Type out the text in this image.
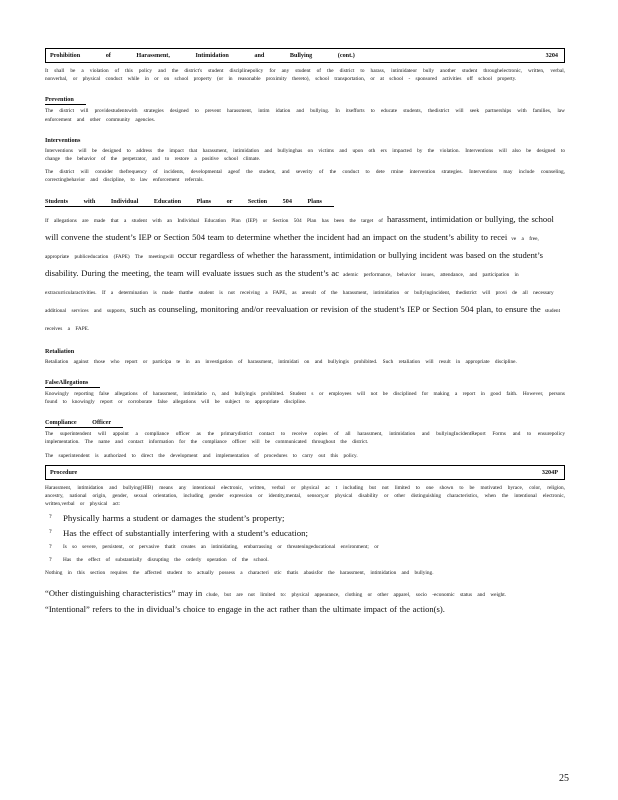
Prohibition of Harassment, Intimidation and Bullying (cont.)	3204

It shall be a violation of this policy and the district's student disciplinepolicy for any student of the district to harass, intimidateor bully another student throughelectronic, written, verbal, nonverbal, or physical conduct while in or on school property (or in reasonable proximity thereto), school transportation, or at school - sponsored activities off school property.

Prevention

The district will providestudentswith strategies designed to prevent harassment, intim idation and bullying. In itsefforts to educate students, thedistrict will seek partnerships with families, law enforcement and other community agencies.

Interventions

Interventions will be designed to address the impact that harassment, intimidation and bullyinghas on victims and upon oth ers impacted by the violation. Interventions will also be designed to change the behavior of the perpetrator, and to restore a positive school climate.

The district will consider thefrequency of incidents, developmental ageof the student, and severity of the conduct to dete rmine intervention strategies. Interventions may include counseling, correctingbehavior and discipline, to law enforcement referrals.

Students with Individual Education Plans or Section 504 Plans
If allegations are made that a student with an Individual Education Plan (IEP) or Section 504 Plan has been the target of harassment, intimidation or bullying, the school will convene the student’s IEP or Section 504 team to determine whether the incident had an impact on the student’s ability to recei ve a free, appropriate publiceducation (FAPE) The meetingwill occur regardless of whether the harassment, intimidation or bullying incident was based on the student’s disability. During the meeting, the team will evaluate issues such as the student’s ac ademic performance, behavior issues, attendance, and participation in extracurricularactivities. If a determination is made thatthe student is not receiving a FAPE, as aresult of the harassment, intimidation or bullyingincident, thedistrict will provi de all necessary additional services and supports, such as counseling, monitoring and/or reevaluation or revision of the student’s IEP or Section 504 plan, to ensure the student receives a FAPE.
Retaliation

Retaliation against those who report or participa te in an investigation of harassment, intimidati on and bullyingis prohibited. Such retaliation will result in appropriate discipline.

FalseAllegations

Knowingly reporting false allegations of harassment, intimidatio n, and bullyingis prohibited. Student s or employees will not be disciplined for making a report in good faith. However, persons found to knowingly report or corroborate false allegations will be subject to appropriate discipline.

Compliance Officer

The superintendent will appoint a compliance officer as the primarydistrict contact to receive copies of all harassment, intimidation and bullyingIncidentReport Forms and to ensurepolicy implementation. The name and contact information for the compliance officer will be communicated throughout the district.

The superintendent is authorized to direct the development and implementation of procedures to carry out this policy.

Procedure	3204P

Harassment, intimidation and bullying(HIB) means any intentional electronic, written, verbal or physical ac t including but not limited to one shown to be motivated byrace, color, religion, ancestry, national origin, gender, sexual orientation, including gender expression or identity,mental, sensory,or physical disability or other distinguishing characteristics, when the intentional electronic, written,verbal or physical act:

?	Physically harms a student or damages the student’s property;
?	Has the effect of substantially interfering with a student’s education;
?	Is so severe, persistent, or pervasive thatit creates an intimidating, embarrassing or threateningeducational environment; or
?	Has the effect of substantially disrupting the orderly operation of the school.

Nothing in this section requires the affected student to actually possess a characteri stic thatis abasisfor the harassment, intimidation and bullying.

“Other distinguishing characteristics” may in clude, but are not limited to: physical appearance, clothing or other apparel, socio -economic status and weight.

“Intentional” refers to the in dividual’s choice to engage in the act rather than the ultimate impact of the action(s).

25
